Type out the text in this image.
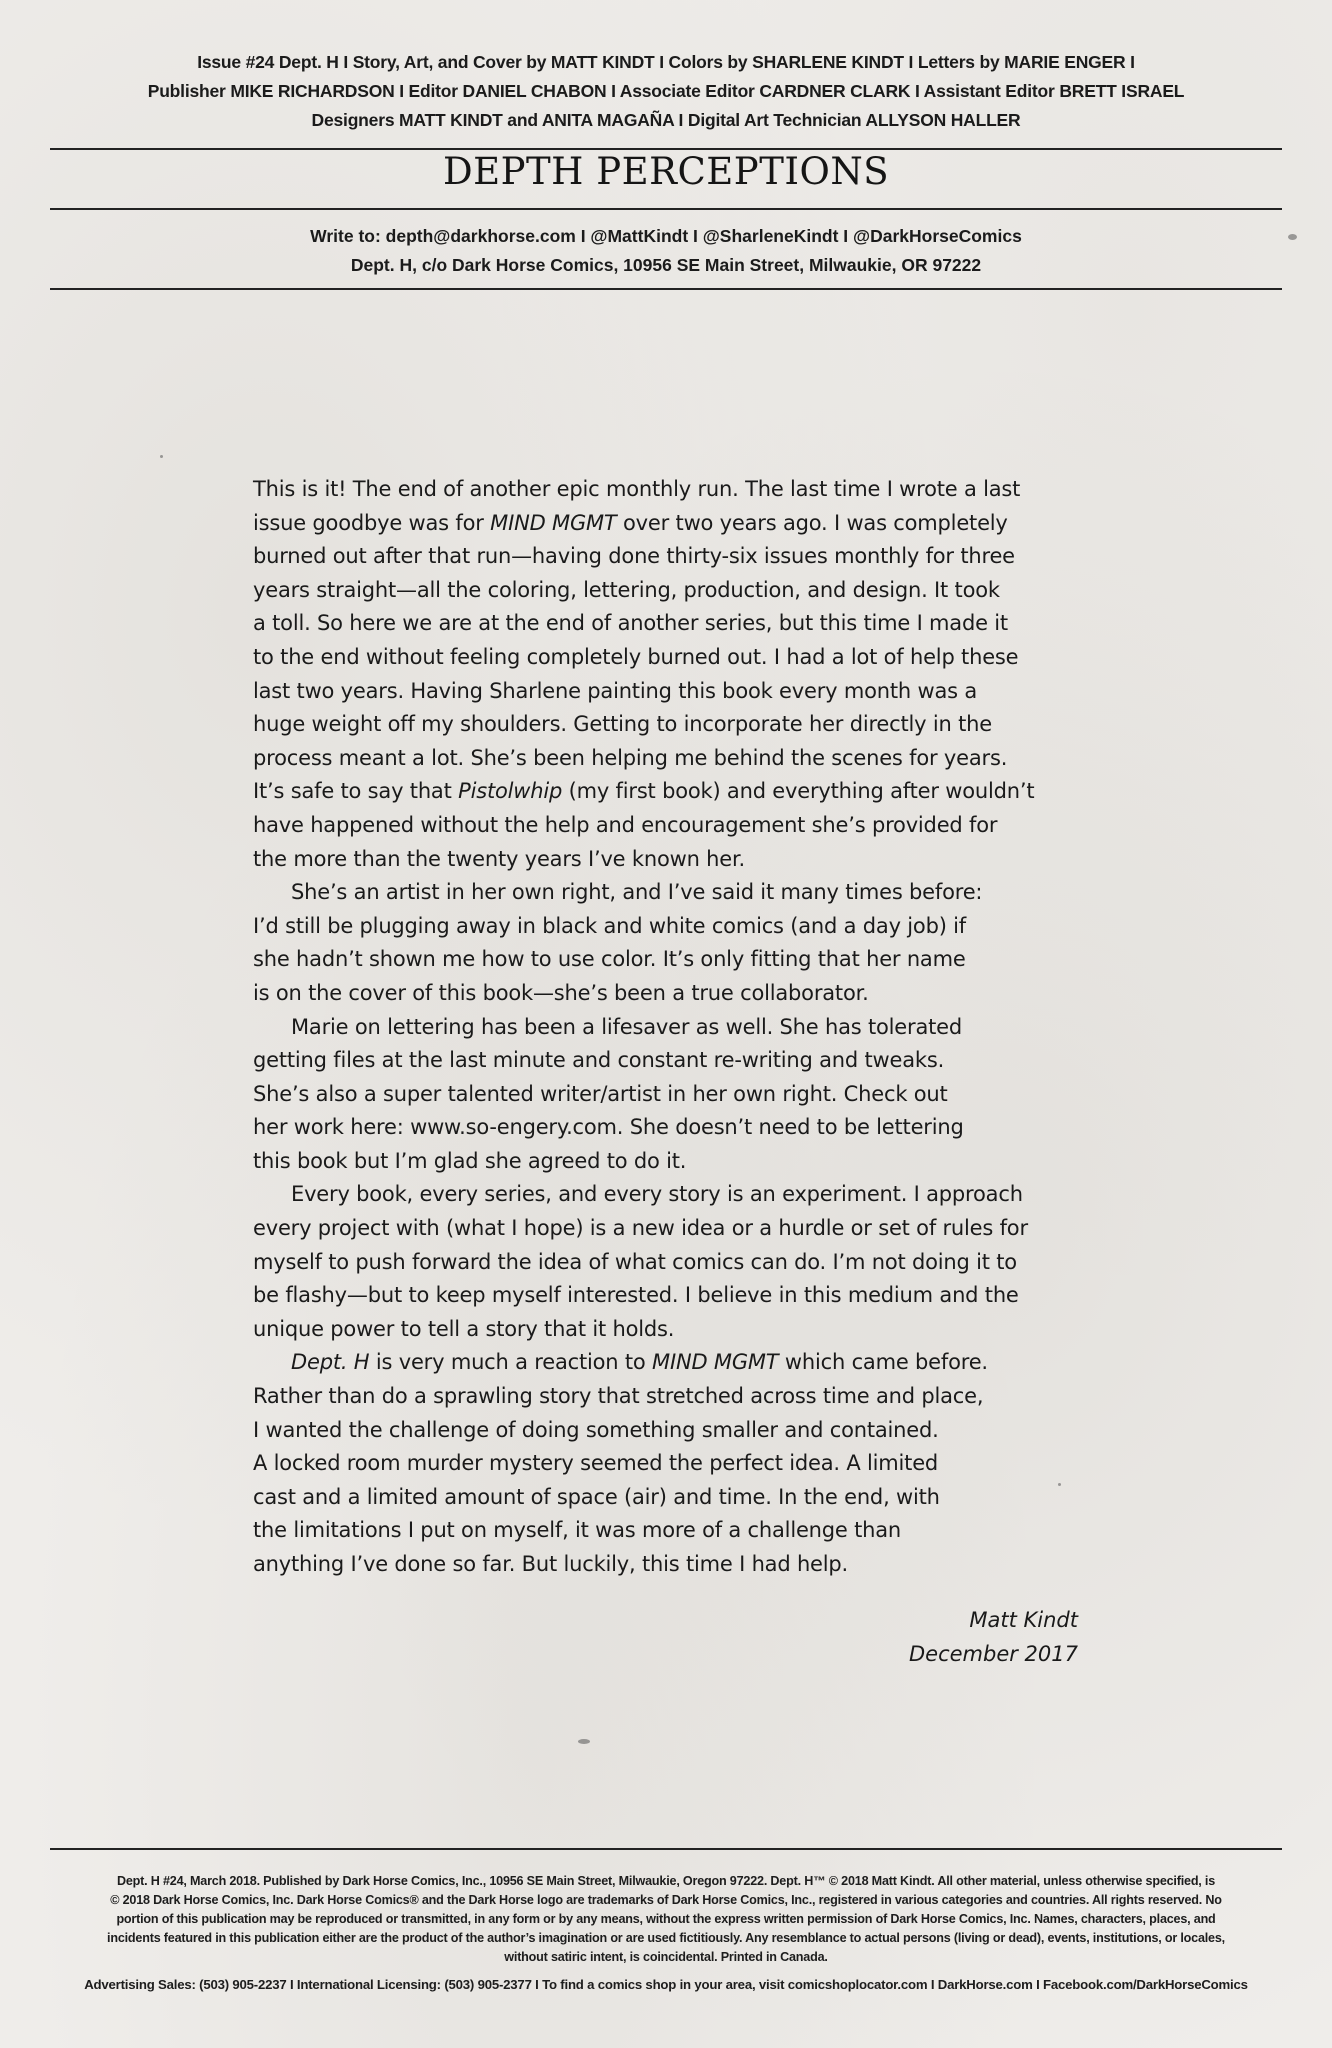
Issue #24 Dept. H I Story, Art, and Cover by MATT KINDT I Colors by SHARLENE KINDT I Letters by MARIE ENGER I
Publisher MIKE RICHARDSON I Editor DANIEL CHABON I Associate Editor CARDNER CLARK I Assistant Editor BRETT ISRAEL
Designers MATT KINDT and ANITA MAGAÑA I Digital Art Technician ALLYSON HALLER
DEPTH PERCEPTIONS
Write to: depth@darkhorse.com I @MattKindt I @SharleneKindt I @DarkHorseComics
Dept. H, c/o Dark Horse Comics, 10956 SE Main Street, Milwaukie, OR 97222
This is it! The end of another epic monthly run. The last time I wrote a last
issue goodbye was for MIND MGMT over two years ago. I was completely
burned out after that run—having done thirty-six issues monthly for three
years straight—all the coloring, lettering, production, and design. It took
a toll. So here we are at the end of another series, but this time I made it
to the end without feeling completely burned out. I had a lot of help these
last two years. Having Sharlene painting this book every month was a
huge weight off my shoulders. Getting to incorporate her directly in the
process meant a lot. She’s been helping me behind the scenes for years.
It’s safe to say that Pistolwhip (my first book) and everything after wouldn’t
have happened without the help and encouragement she’s provided for
the more than the twenty years I’ve known her.
She’s an artist in her own right, and I’ve said it many times before:
I’d still be plugging away in black and white comics (and a day job) if
she hadn’t shown me how to use color. It’s only fitting that her name
is on the cover of this book—she’s been a true collaborator.
Marie on lettering has been a lifesaver as well. She has tolerated
getting files at the last minute and constant re-writing and tweaks.
She’s also a super talented writer/artist in her own right. Check out
her work here: www.so-engery.com. She doesn’t need to be lettering
this book but I’m glad she agreed to do it.
Every book, every series, and every story is an experiment. I approach
every project with (what I hope) is a new idea or a hurdle or set of rules for
myself to push forward the idea of what comics can do. I’m not doing it to
be flashy—but to keep myself interested. I believe in this medium and the
unique power to tell a story that it holds.
Dept. H is very much a reaction to MIND MGMT which came before.
Rather than do a sprawling story that stretched across time and place,
I wanted the challenge of doing something smaller and contained.
A locked room murder mystery seemed the perfect idea. A limited
cast and a limited amount of space (air) and time. In the end, with
the limitations I put on myself, it was more of a challenge than
anything I’ve done so far. But luckily, this time I had help.
Matt Kindt
December 2017
Dept. H #24, March 2018. Published by Dark Horse Comics, Inc., 10956 SE Main Street, Milwaukie, Oregon 97222. Dept. H™ © 2018 Matt Kindt. All other material, unless otherwise specified, is
© 2018 Dark Horse Comics, Inc. Dark Horse Comics® and the Dark Horse logo are trademarks of Dark Horse Comics, Inc., registered in various categories and countries. All rights reserved. No
portion of this publication may be reproduced or transmitted, in any form or by any means, without the express written permission of Dark Horse Comics, Inc. Names, characters, places, and
incidents featured in this publication either are the product of the author’s imagination or are used fictitiously. Any resemblance to actual persons (living or dead), events, institutions, or locales,
without satiric intent, is coincidental. Printed in Canada.
Advertising Sales: (503) 905-2237 I International Licensing: (503) 905-2377 I To find a comics shop in your area, visit comicshoplocator.com I DarkHorse.com I Facebook.com/DarkHorseComics
